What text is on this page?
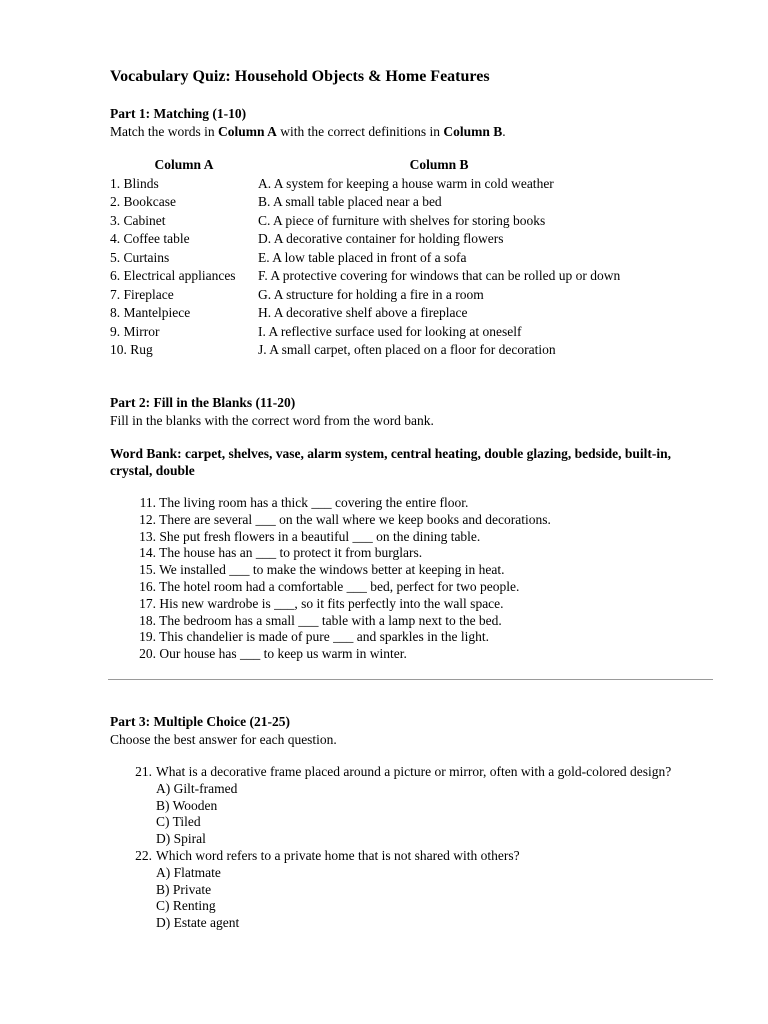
Vocabulary Quiz: Household Objects & Home Features
Part 1: Matching (1-10)
Match the words in Column A with the correct definitions in Column B.
Column A	Column B
1. Blinds	A. A system for keeping a house warm in cold weather
2. Bookcase	B. A small table placed near a bed
3. Cabinet	C. A piece of furniture with shelves for storing books
4. Coffee table	D. A decorative container for holding flowers
5. Curtains	E. A low table placed in front of a sofa
6. Electrical appliances	F. A protective covering for windows that can be rolled up or down
7. Fireplace	G. A structure for holding a fire in a room
8. Mantelpiece	H. A decorative shelf above a fireplace
9. Mirror	I. A reflective surface used for looking at oneself
10. Rug	J. A small carpet, often placed on a floor for decoration
Part 2: Fill in the Blanks (11-20)
Fill in the blanks with the correct word from the word bank.
Word Bank: carpet, shelves, vase, alarm system, central heating, double glazing, bedside, built-in, crystal, double
11. The living room has a thick ___ covering the entire floor.
12. There are several ___ on the wall where we keep books and decorations.
13. She put fresh flowers in a beautiful ___ on the dining table.
14. The house has an ___ to protect it from burglars.
15. We installed ___ to make the windows better at keeping in heat.
16. The hotel room had a comfortable ___ bed, perfect for two people.
17. His new wardrobe is ___, so it fits perfectly into the wall space.
18. The bedroom has a small ___ table with a lamp next to the bed.
19. This chandelier is made of pure ___ and sparkles in the light.
20. Our house has ___ to keep us warm in winter.
Part 3: Multiple Choice (21-25)
Choose the best answer for each question.
21. What is a decorative frame placed around a picture or mirror, often with a gold-colored design?
A) Gilt-framed
B) Wooden
C) Tiled
D) Spiral
22. Which word refers to a private home that is not shared with others?
A) Flatmate
B) Private
C) Renting
D) Estate agent
